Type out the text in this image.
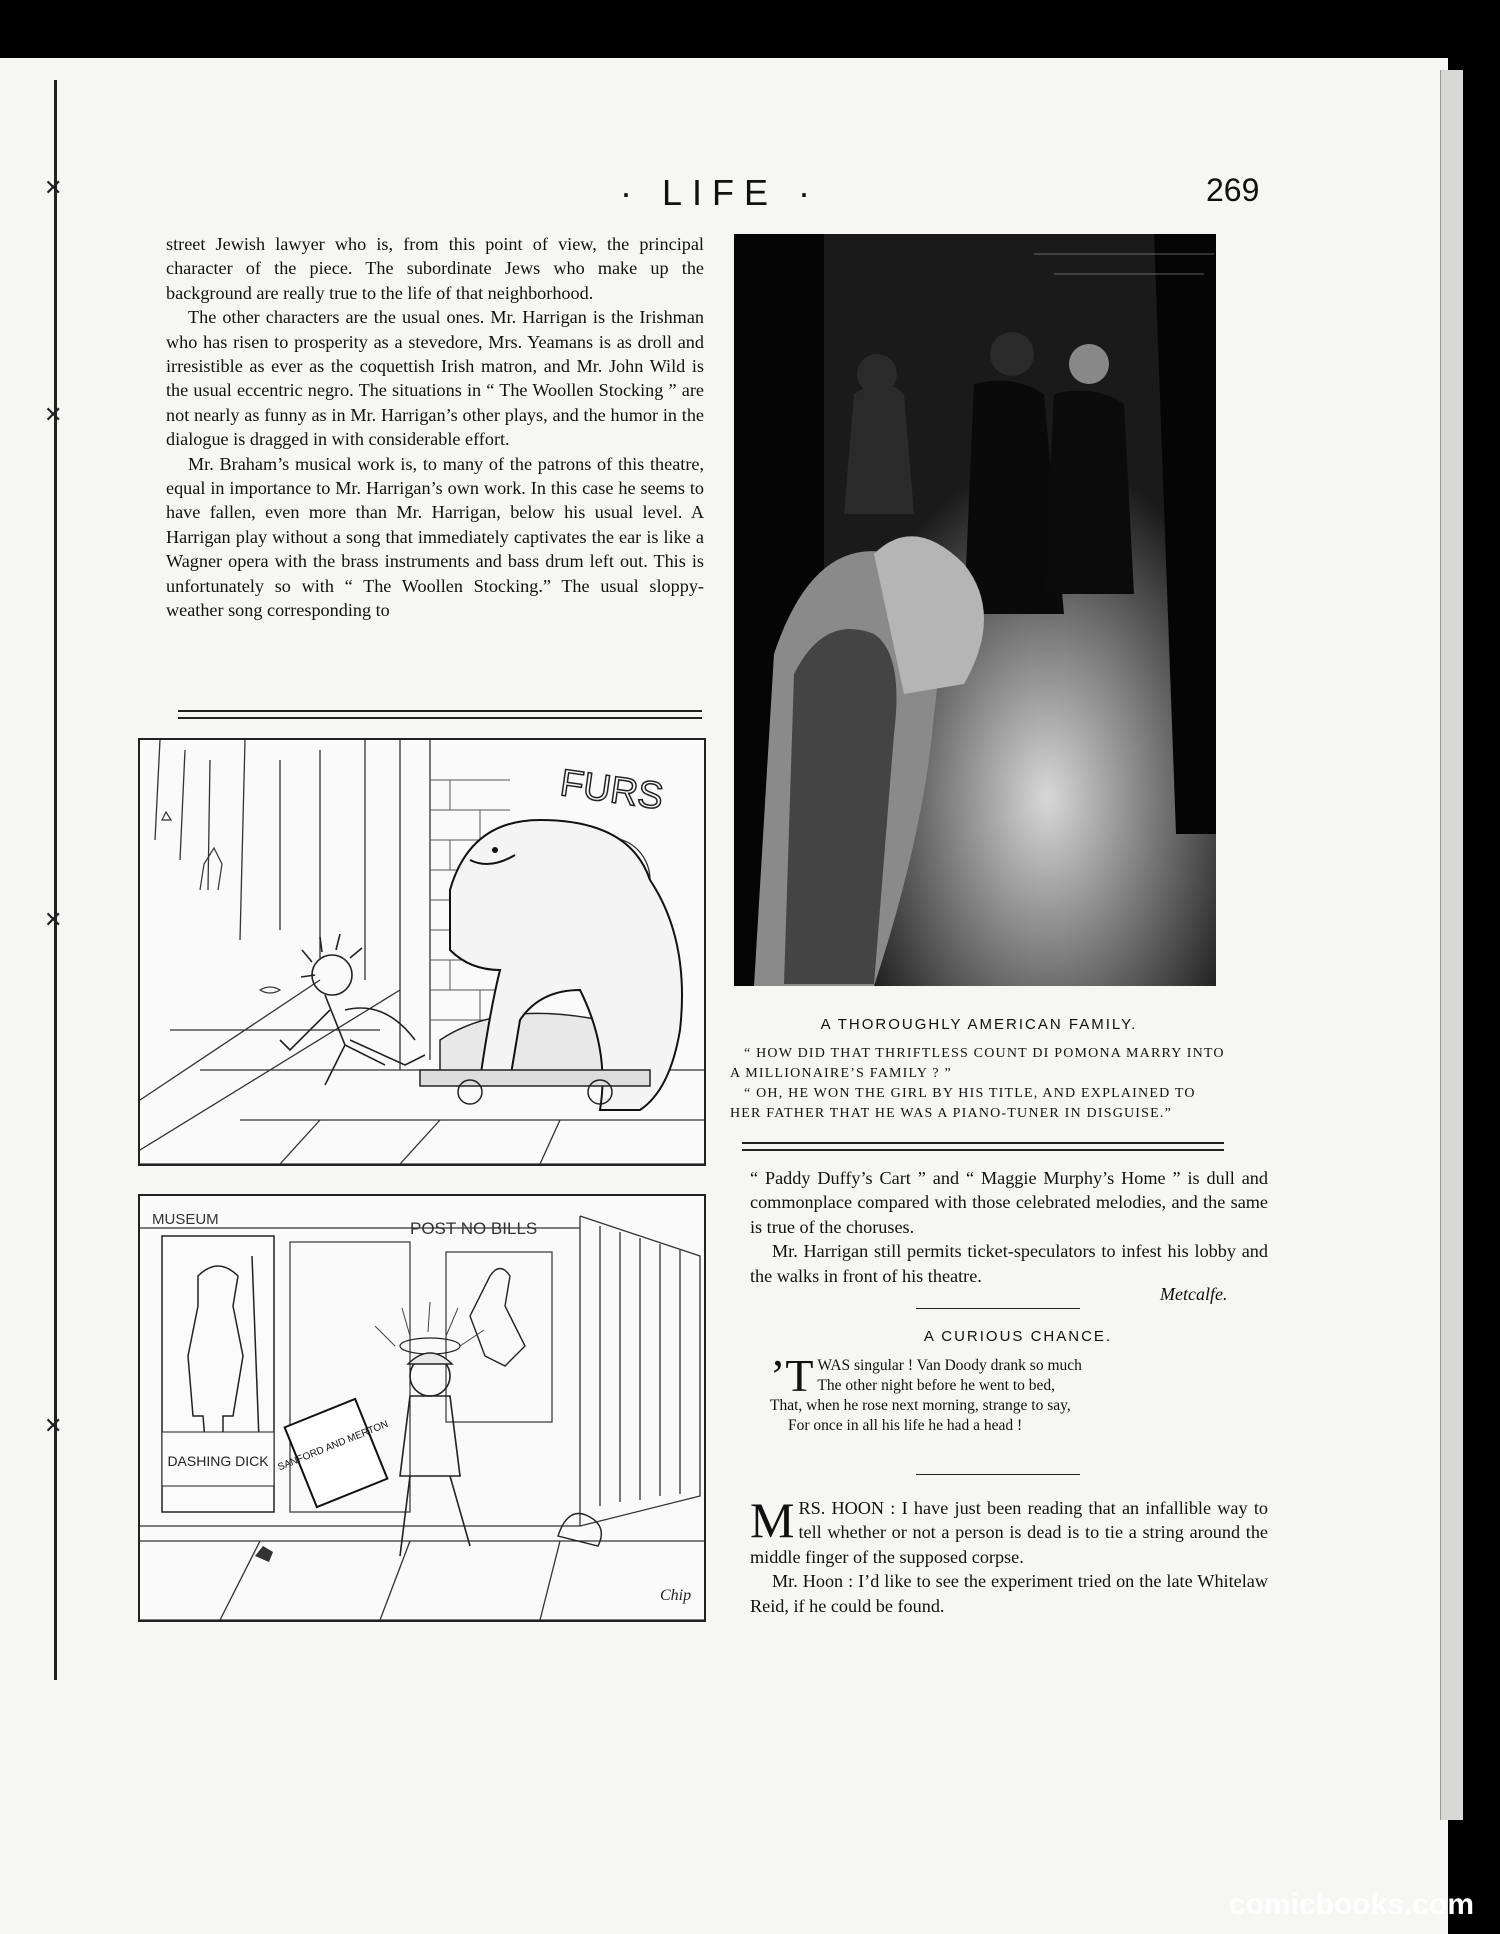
✕
✕
✕
✕
· LIFE ·	269

street Jewish lawyer who is, from this point of view, the principal character of the piece. The subordinate Jews who make up the background are really true to the life of that neighborhood.

The other characters are the usual ones. Mr. Harrigan is the Irishman who has risen to prosperity as a stevedore, Mrs. Yeamans is as droll and irresistible as ever as the coquettish Irish matron, and Mr. John Wild is the usual eccentric negro. The situations in “ The Woollen Stocking ” are not nearly as funny as in Mr. Harrigan’s other plays, and the humor in the dialogue is dragged in with considerable effort.

Mr. Braham’s musical work is, to many of the patrons of this theatre, equal in importance to Mr. Harrigan’s own work. In this case he seems to have fallen, even more than Mr. Harrigan, below his usual level. A Harrigan play without a song that immediately captivates the ear is like a Wagner opera with the brass instruments and bass drum left out. This is unfortunately so with “ The Woollen Stocking.” The usual sloppy-weather song corresponding to

FURS
MUSEUM	POST NO BILLS
DASHING DICK SANFORD AND MERTON
Chip
A THOROUGHLY AMERICAN FAMILY.

“ HOW DID THAT THRIFTLESS COUNT DI POMONA MARRY INTO A MILLIONAIRE’S FAMILY ? ”

“ OH, HE WON THE GIRL BY HIS TITLE, AND EXPLAINED TO HER FATHER THAT HE WAS A PIANO-TUNER IN DISGUISE.”

“ Paddy Duffy’s Cart ” and “ Maggie Murphy’s Home ” is dull and commonplace compared with those celebrated melodies, and the same is true of the choruses.

Mr. Harrigan still permits ticket-speculators to infest his lobby and the walks in front of his theatre.

Metcalfe.
A CURIOUS CHANCE.
’T WAS singular ! Van Doody drank so much
The other night before he went to bed,
That, when he rose next morning, strange to say,
For once in all his life he had a head !

MRS. HOON : I have just been reading that an infallible way to tell whether or not a person is dead is to tie a string around the middle finger of the supposed corpse.

Mr. Hoon : I’d like to see the experiment tried on the late Whitelaw Reid, if he could be found.

comicbooks.com
